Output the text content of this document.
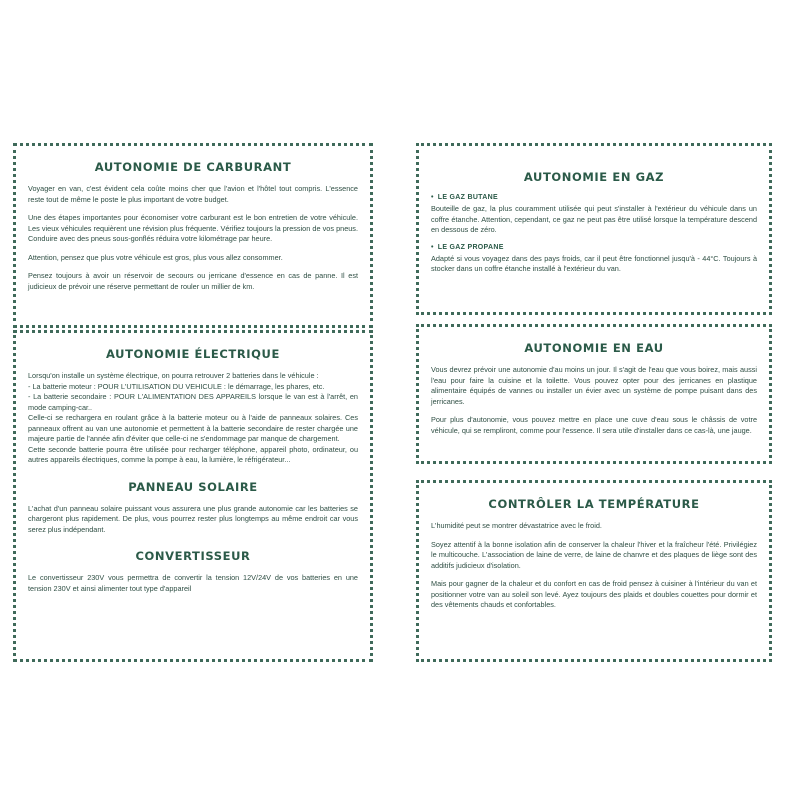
AUTONOMIE DE CARBURANT

Voyager en van, c'est évident cela coûte moins cher que l'avion et l'hôtel tout compris. L'essence reste tout de même le poste le plus important de votre budget.

Une des étapes importantes pour économiser votre carburant est le bon entretien de votre véhicule. Les vieux véhicules requièrent une révision plus fréquente. Vérifiez toujours la pression de vos pneus. Conduire avec des pneus sous-gonflés réduira votre kilométrage par heure.

Attention, pensez que plus votre véhicule est gros, plus vous allez consommer.

Pensez toujours à avoir un réservoir de secours ou jerricane d'essence en cas de panne. Il est judicieux de prévoir une réserve permettant de rouler un millier de km.

AUTONOMIE ÉLECTRIQUE

Lorsqu'on installe un système électrique, on pourra retrouver 2 batteries dans le véhicule :

- La batterie moteur : POUR L'UTILISATION DU VEHICULE : le démarrage, les phares, etc.

- La batterie secondaire : POUR L'ALIMENTATION DES APPAREILS lorsque le van est à l'arrêt, en mode camping-car..

Celle-ci se rechargera en roulant grâce à la batterie moteur ou à l'aide de panneaux solaires. Ces panneaux offrent au van une autonomie et permettent à la batterie secondaire de rester chargée une majeure partie de l'année afin d'éviter que celle-ci ne s'endommage par manque de chargement.

Cette seconde batterie pourra être utilisée pour recharger téléphone, appareil photo, ordinateur, ou autres appareils électriques, comme la pompe à eau, la lumière, le réfrigérateur...

PANNEAU SOLAIRE

L'achat d'un panneau solaire puissant vous assurera une plus grande autonomie car les batteries se chargeront plus rapidement. De plus, vous pourrez rester plus longtemps au même endroit car vous serez plus indépendant.

CONVERTISSEUR

Le convertisseur 230V vous permettra de convertir la tension 12V/24V de vos batteries en une tension 230V et ainsi alimenter tout type d'appareil

AUTONOMIE EN GAZ
• LE GAZ BUTANE

Bouteille de gaz, la plus couramment utilisée qui peut s'installer à l'extérieur du véhicule dans un coffre étanche. Attention, cependant, ce gaz ne peut pas être utilisé lorsque la température descend en dessous de zéro.

• LE GAZ PROPANE

Adapté si vous voyagez dans des pays froids, car il peut être fonctionnel jusqu'à - 44°C. Toujours à stocker dans un coffre étanche installé à l'extérieur du van.

AUTONOMIE EN EAU

Vous devrez prévoir une autonomie d'au moins un jour. Il s'agit de l'eau que vous boirez, mais aussi l'eau pour faire la cuisine et la toilette. Vous pouvez opter pour des jerricanes en plastique alimentaire équipés de vannes ou installer un évier avec un système de pompe puisant dans des jerricanes.

Pour plus d'autonomie, vous pouvez mettre en place une cuve d'eau sous le châssis de votre véhicule, qui se rempliront, comme pour l'essence. Il sera utile d'installer dans ce cas-là, une jauge.

CONTRÔLER LA TEMPÉRATURE

L'humidité peut se montrer dévastatrice avec le froid.

Soyez attentif à la bonne isolation afin de conserver la chaleur l'hiver et la fraîcheur l'été. Privilégiez le multicouche. L'association de laine de verre, de laine de chanvre et des plaques de liège sont des additifs judicieux d'isolation.

Mais pour gagner de la chaleur et du confort en cas de froid pensez à cuisiner à l'intérieur du van et positionner votre van au soleil son levé. Ayez toujours des plaids et doubles couettes pour dormir et des vêtements chauds et confortables.
